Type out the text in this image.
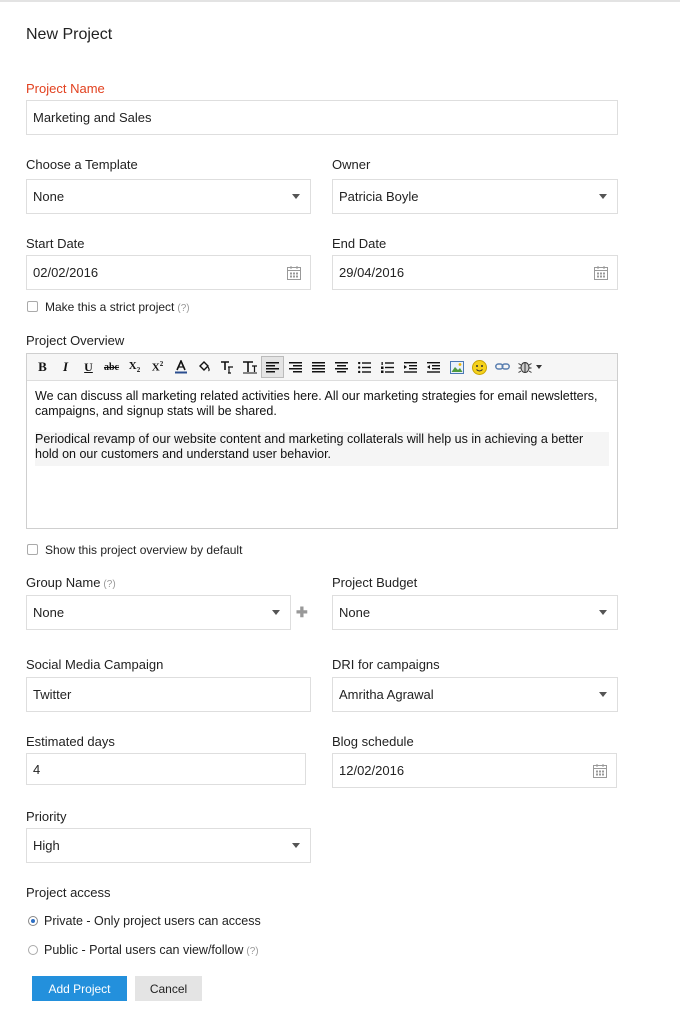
New Project
Project Name
Marketing and Sales
Choose a Template
None
Owner
Patricia Boyle
Start Date
02/02/2016
End Date
29/04/2016
Make this a strict project (?)
Project Overview
B I U abc $X_2$ $X^2$

We can discuss all marketing related activities here. All our marketing strategies for email newsletters, campaigns, and signup stats will be shared.

Periodical revamp of our website content and marketing collaterals will help us in achieving a better hold on our customers and understand user behavior.

Show this project overview by default
Group Name (?)
None	✚
Project Budget
None
Social Media Campaign
Twitter
DRI for campaigns
Amritha Agrawal
Estimated days
4
Blog schedule
12/02/2016
Priority
High
Project access
Private - Only project users can access
Public - Portal users can view/follow (?)
Add Project	Cancel
